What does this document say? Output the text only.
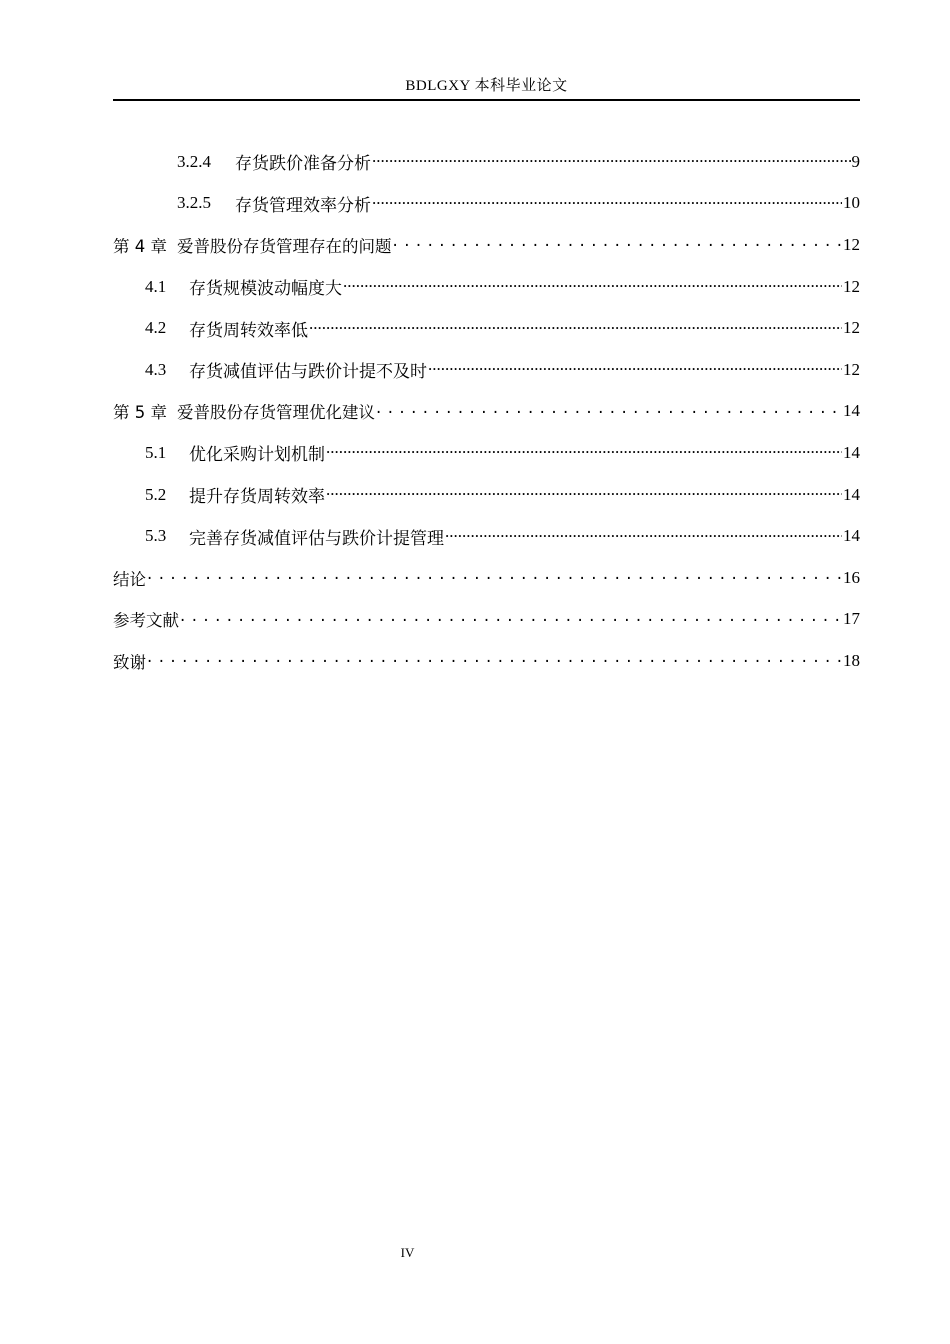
BDLGXY 本科毕业论文
3.2.4	存货跌价准备分析 .....	9
3.2.5	存货管理效率分析 .....	10
第 4 章 爱普股份存货管理存在的问题 . . .	12
4.1	存货规模波动幅度大 .....	12
4.2	存货周转效率低 .....	12
4.3	存货减值评估与跌价计提不及时 .....	12
第 5 章 爱普股份存货管理优化建议 . . .	14
5.1	优化采购计划机制 .....	14
5.2	提升存货周转效率 .....	14
5.3	完善存货减值评估与跌价计提管理 .....	14
结论 . . .	16
参考文献 . . .	17
致谢 . . .	18
IV
